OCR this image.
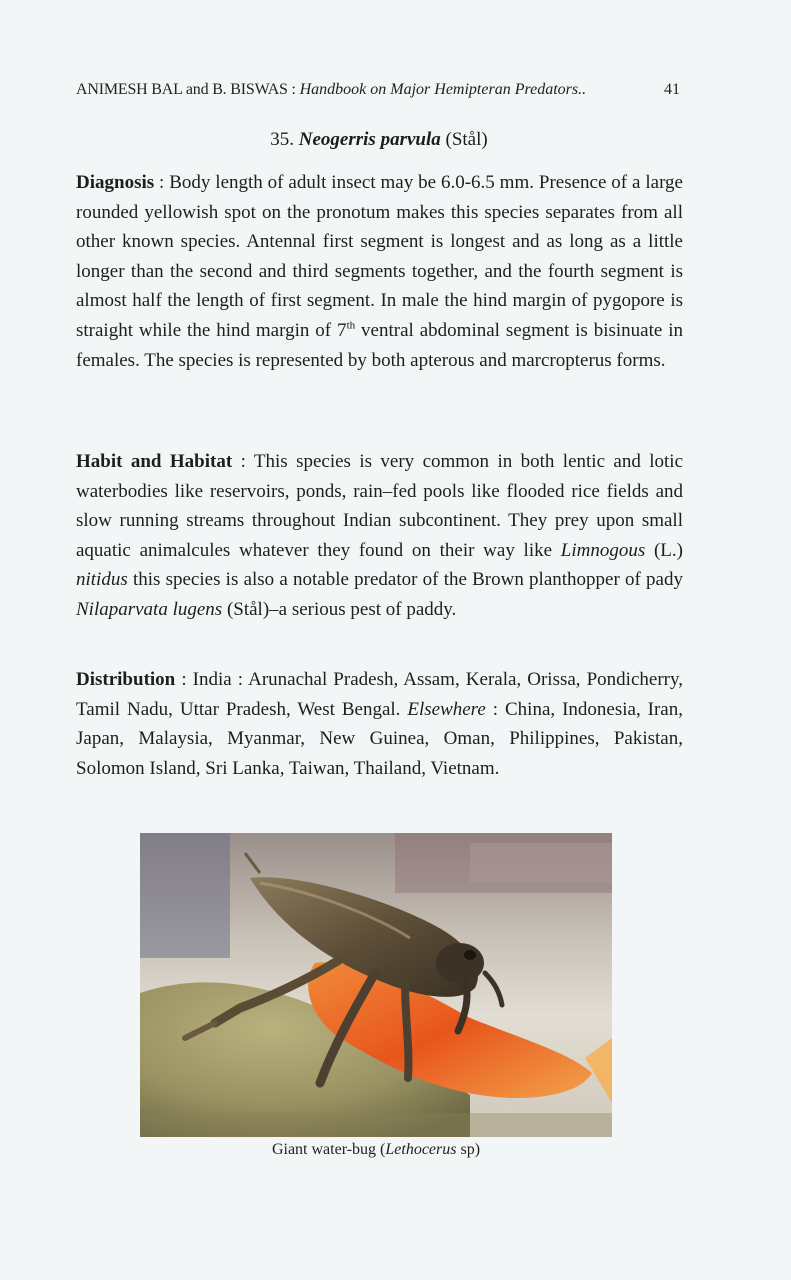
ANIMESH BAL and B. BISWAS : Handbook on Major Hemipteran Predators..	41
35. Neogerris parvula (Stål)
Diagnosis : Body length of adult insect may be 6.0-6.5 mm. Presence of a large rounded yellowish spot on the pronotum makes this species separates from all other known species. Antennal first segment is longest and as long as a little longer than the second and third segments together, and the fourth segment is almost half the length of first segment. In male the hind margin of pygopore is straight while the hind margin of 7th ventral abdominal segment is bisinuate in females. The species is represented by both apterous and marcropterus forms.
Habit and Habitat : This species is very common in both lentic and lotic waterbodies like reservoirs, ponds, rain–fed pools like flooded rice fields and slow running streams throughout Indian subcontinent. They prey upon small aquatic animalcules whatever they found on their way like Limnogous (L.) nitidus this species is also a notable predator of the Brown planthopper of pady Nilaparvata lugens (Stål)–a serious pest of paddy.
Distribution : India : Arunachal Pradesh, Assam, Kerala, Orissa, Pondicherry, Tamil Nadu, Uttar Pradesh, West Bengal. Elsewhere : China, Indonesia, Iran, Japan, Malaysia, Myanmar, New Guinea, Oman, Philippines, Pakistan, Solomon Island, Sri Lanka, Taiwan, Thailand, Vietnam.
Giant water-bug (Lethocerus sp)
